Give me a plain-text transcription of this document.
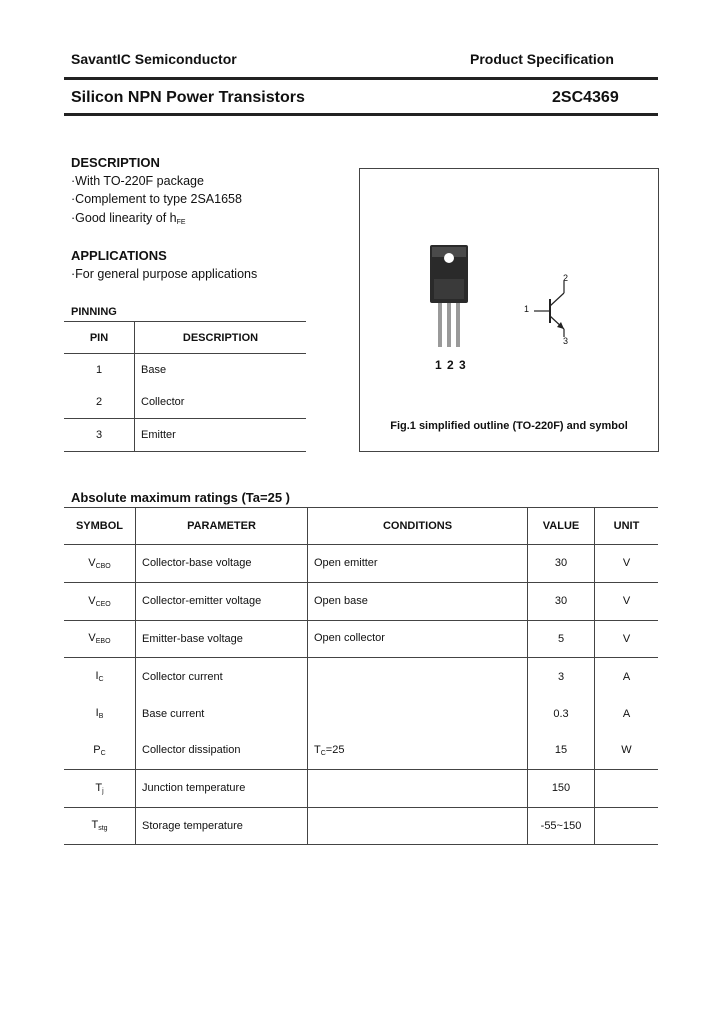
SavantIC Semiconductor	Product Specification
Silicon NPN Power Transistors	2SC4369
DESCRIPTION
·With TO-220F package
·Complement to type 2SA1658
·Good linearity of $h_{FE}$
APPLICATIONS
·For general purpose applications
PINNING
PIN	DESCRIPTION
1	Base
2	Collector
3	Emitter
1 2 3
1
2
3
Fig.1 simplified outline (TO-220F) and symbol
Absolute maximum ratings (Ta=25 )
SYMBOL	PARAMETER	CONDITIONS	VALUE	UNIT
$V_{CBO}$	Collector-base voltage	Open emitter	30	V
$V_{CEO}$	Collector-emitter voltage	Open base	30	V
$V_{EBO}$	Emitter-base voltage	Open collector	5	V
$I_C$	Collector current		3	A
$I_B$	Base current		0.3	A
$P_C$	Collector dissipation	$T_C=25$	15	W
$T_j$	Junction temperature		150	
$T_{stg}$	Storage temperature		-55~150	
